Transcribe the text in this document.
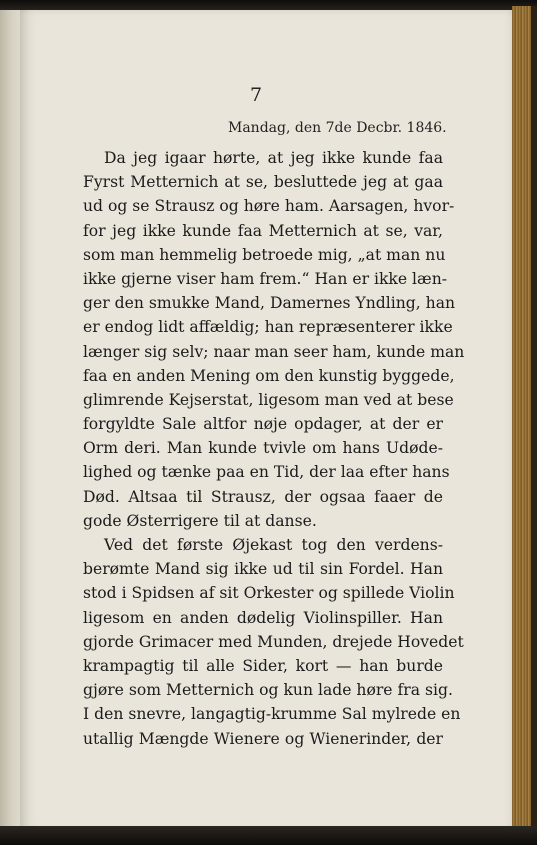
7
Mandag, den 7de Decbr. 1846.
Da jeg igaar hørte, at jeg ikke kunde faa
Fyrst Metternich at se, besluttede jeg at gaa
ud og se Strausz og høre ham. Aarsagen, hvor-
for jeg ikke kunde faa Metternich at se, var,
som man hemmelig betroede mig, „at man nu
ikke gjerne viser ham frem.“ Han er ikke læn-
ger den smukke Mand, Damernes Yndling, han
er endog lidt affældig; han repræsenterer ikke
længer sig selv; naar man seer ham, kunde man
faa en anden Mening om den kunstig byggede,
glimrende Kejserstat, ligesom man ved at bese
forgyldte Sale altfor nøje opdager, at der er
Orm deri. Man kunde tvivle om hans Udøde-
lighed og tænke paa en Tid, der laa efter hans
Død. Altsaa til Strausz, der ogsaa faaer de
gode Østerrigere til at danse.
Ved det første Øjekast tog den verdens-
berømte Mand sig ikke ud til sin Fordel. Han
stod i Spidsen af sit Orkester og spillede Violin
ligesom en anden dødelig Violinspiller. Han
gjorde Grimacer med Munden, drejede Hovedet
krampagtig til alle Sider, kort — han burde
gjøre som Metternich og kun lade høre fra sig.
I den snevre, langagtig-krumme Sal mylrede en
utallig Mængde Wienere og Wienerinder, der
